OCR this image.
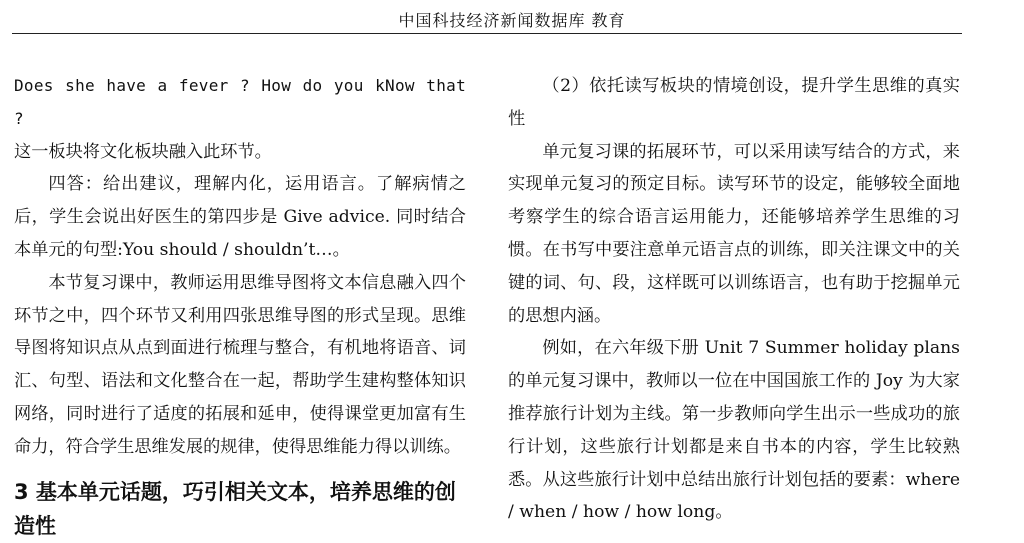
中国科技经济新闻数据库 教育

Does she have a fever ? How do you kNow that ?

这一板块将文化板块融入此环节。

四答：给出建议，理解内化，运用语言。了解病情之后，学生会说出好医生的第四步是 Give advice. 同时结合本单元的句型:You should / shouldn’t…。

本节复习课中，教师运用思维导图将文本信息融入四个环节之中，四个环节又利用四张思维导图的形式呈现。思维导图将知识点从点到面进行梳理与整合，有机地将语音、词汇、句型、语法和文化整合在一起，帮助学生建构整体知识网络，同时进行了适度的拓展和延申，使得课堂更加富有生命力，符合学生思维发展的规律，使得思维能力得以训练。

3 基本单元话题，巧引相关文本，培养思维的创造性

（2）依托读写板块的情境创设，提升学生思维的真实性

单元复习课的拓展环节，可以采用读写结合的方式，来实现单元复习的预定目标。读写环节的设定，能够较全面地考察学生的综合语言运用能力，还能够培养学生思维的习惯。在书写中要注意单元语言点的训练，即关注课文中的关键的词、句、段，这样既可以训练语言，也有助于挖掘单元的思想内涵。

例如，在六年级下册 Unit 7 Summer holiday plans 的单元复习课中，教师以一位在中国国旅工作的 Joy 为大家推荐旅行计划为主线。第一步教师向学生出示一些成功的旅行计划，这些旅行计划都是来自书本的内容，学生比较熟悉。从这些旅行计划中总结出旅行计划包括的要素：where / when / how / how long。
